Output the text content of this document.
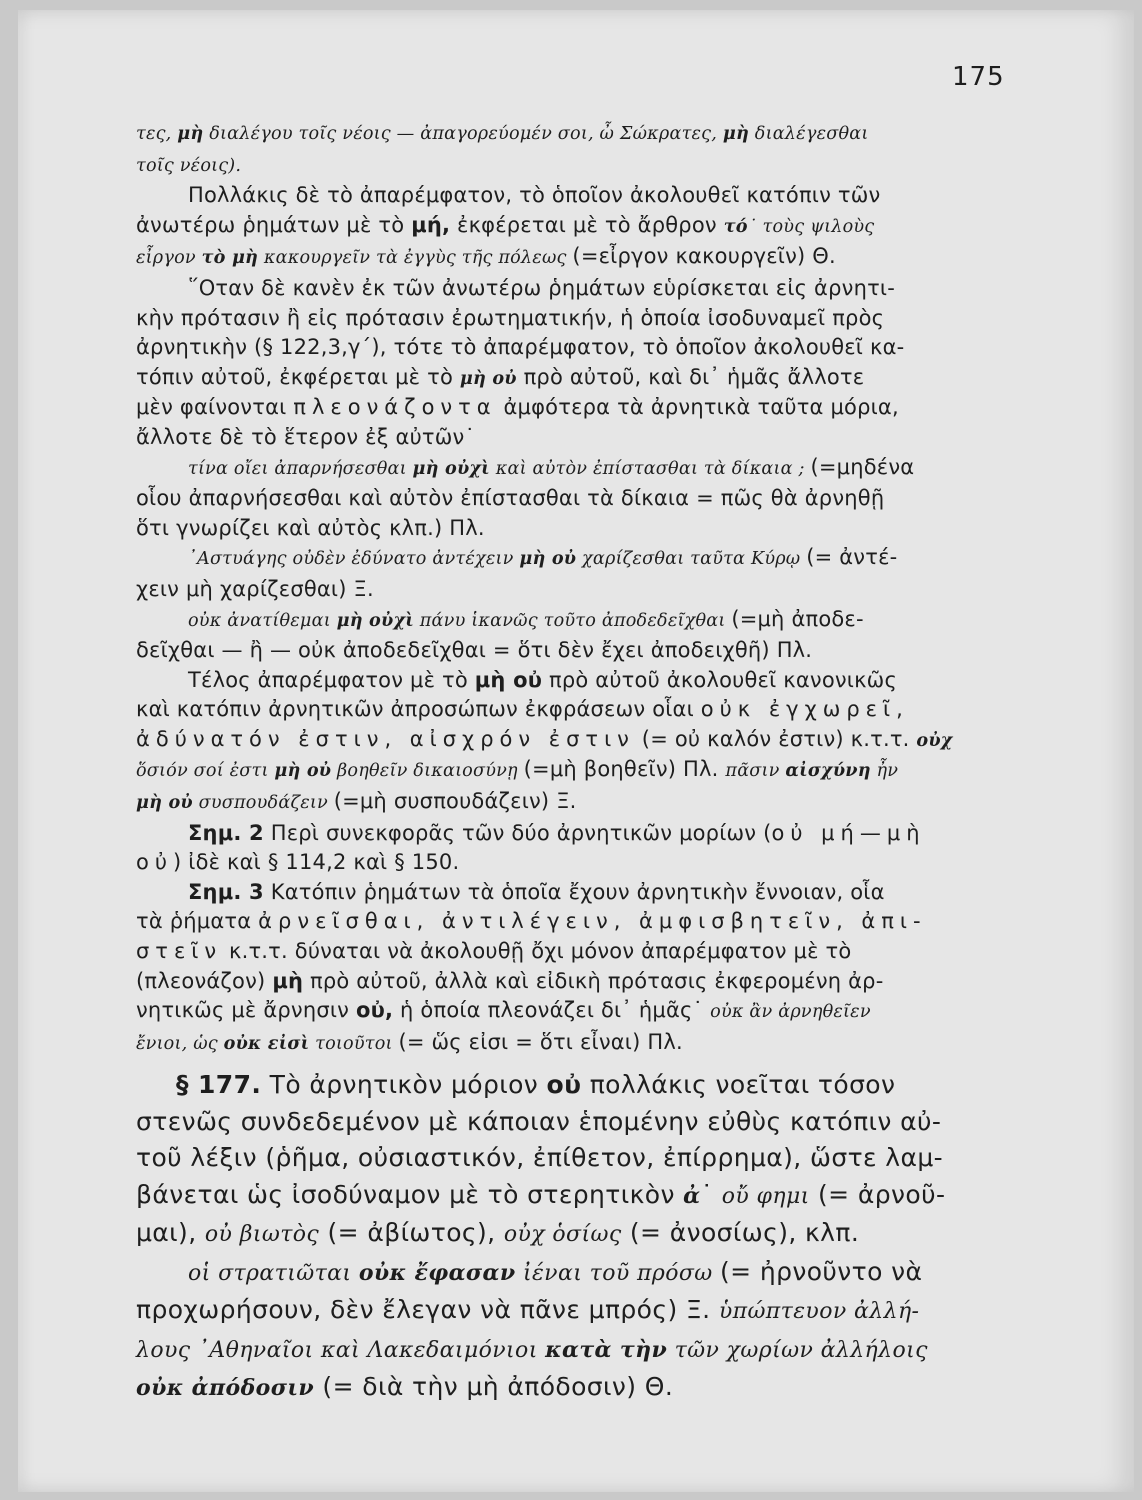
175
τες, μὴ διαλέγου τοῖς νέοις — ἀπαγορεύομέν σοι, ὦ Σώκρατες, μὴ διαλέγεσθαι
τοῖς νέοις).
Πολλάκις δὲ τὸ ἀπαρέμφατον, τὸ ὁποῖον ἀκολουθεῖ κατόπιν τῶν
ἀνωτέρω ῥημάτων μὲ τὸ μή, ἐκφέρεται μὲ τὸ ἄρθρον τό˙ τοὺς ψιλοὺς
εἶργον τὸ μὴ κακουργεῖν τὰ ἐγγὺς τῆς πόλεως (=εἶργον κακουργεῖν) Θ.
῞Οταν δὲ κανὲν ἐκ τῶν ἀνωτέρω ῥημάτων εὑρίσκεται εἰς ἀρνητι-
κὴν πρότασιν ἢ εἰς πρότασιν ἐρωτηματικήν, ἡ ὁποία ἰσοδυναμεῖ πρὸς
ἀρνητικὴν (§ 122,3,γ΄), τότε τὸ ἀπαρέμφατον, τὸ ὁποῖον ἀκολουθεῖ κα-
τόπιν αὐτοῦ, ἐκφέρεται μὲ τὸ μὴ οὐ πρὸ αὐτοῦ, καὶ δι᾽ ἡμᾶς ἄλλοτε
μὲν φαίνονται πλεονάζοντα ἀμφότερα τὰ ἀρνητικὰ ταῦτα μόρια,
ἄλλοτε δὲ τὸ ἕτερον ἐξ αὐτῶν˙
τίνα οἴει ἀπαρνήσεσθαι μὴ οὐχὶ καὶ αὐτὸν ἐπίστασθαι τὰ δίκαια ; (=μηδένα
οἷου ἀπαρνήσεσθαι καὶ αὐτὸν ἐπίστασθαι τὰ δίκαια = πῶς θὰ ἀρνηθῇ
ὅτι γνωρίζει καὶ αὐτὸς κλπ.) Πλ.
᾽Αστυάγης οὐδὲν ἐδύνατο ἀντέχειν μὴ οὐ χαρίζεσθαι ταῦτα Κύρῳ (= ἀντέ-
χειν μὴ χαρίζεσθαι) Ξ.
οὐκ ἀνατίθεμαι μὴ οὐχὶ πάνυ ἱκανῶς τοῦτο ἀποδεδεῖχθαι (=μὴ ἀποδε-
δεῖχθαι — ἢ — οὐκ ἀποδεδεῖχθαι = ὅτι δὲν ἔχει ἀποδειχθῆ) Πλ.
Τέλος ἀπαρέμφατον μὲ τὸ μὴ οὐ πρὸ αὐτοῦ ἀκολουθεῖ κανονικῶς
καὶ κατόπιν ἀρνητικῶν ἀπροσώπων ἐκφράσεων οἷαι οὐκ ἐγχωρεῖ,
ἀδύνατόν ἐστιν, αἰσχρόν ἐστιν (= οὐ καλόν ἐστιν) κ.τ.τ. οὐχ
ὅσιόν σοί ἐστι μὴ οὐ βοηθεῖν δικαιοσύνῃ (=μὴ βοηθεῖν) Πλ. πᾶσιν αἰσχύνη ἦν
μὴ οὐ συσπουδάζειν (=μὴ συσπουδάζειν) Ξ.
Σημ. 2 Περὶ συνεκφορᾶς τῶν δύο ἀρνητικῶν μορίων (οὐ μή—μὴ
οὐ) ἰδὲ καὶ § 114,2 καὶ § 150.
Σημ. 3 Κατόπιν ῥημάτων τὰ ὁποῖα ἔχουν ἀρνητικὴν ἔννοιαν, οἷα
τὰ ῥήματα ἀρνεῖσθαι, ἀντιλέγειν, ἀμφισβητεῖν, ἀπι-
στεῖν κ.τ.τ. δύναται νὰ ἀκολουθῇ ὄχι μόνον ἀπαρέμφατον μὲ τὸ
(πλεονάζον) μὴ πρὸ αὐτοῦ, ἀλλὰ καὶ εἰδικὴ πρότασις ἐκφερομένη ἀρ-
νητικῶς μὲ ἄρνησιν οὐ, ἡ ὁποία πλεονάζει δι᾽ ἡμᾶς˙ οὐκ ἂν ἀρνηθεῖεν
ἔνιοι, ὡς οὐκ εἰσὶ τοιοῦτοι (= ὥς εἰσι = ὅτι εἶναι) Πλ.
§ 177. Τὸ ἀρνητικὸν μόριον οὐ πολλάκις νοεῖται τόσον
στενῶς συνδεδεμένον μὲ κάποιαν ἑπομένην εὐθὺς κατόπιν αὐ-
τοῦ λέξιν (ῥῆμα, οὐσιαστικόν, ἐπίθετον, ἐπίρρημα), ὥστε λαμ-
βάνεται ὡς ἰσοδύναμον μὲ τὸ στερητικὸν ἀ˙ οὔ φημι (= ἀρνοῦ-
μαι), οὐ βιωτὸς (= ἀβίωτος), οὐχ ὁσίως (= ἀνοσίως), κλπ.
οἱ στρατιῶται οὐκ ἔφασαν ἰέναι τοῦ πρόσω (= ἠρνοῦντο νὰ
προχωρήσουν, δὲν ἔλεγαν νὰ πᾶνε μπρός) Ξ. ὑπώπτευον ἀλλή-
λους ᾽Αθηναῖοι καὶ Λακεδαιμόνιοι κατὰ τὴν τῶν χωρίων ἀλλήλοις
οὐκ ἀπόδοσιν (= διὰ τὴν μὴ ἀπόδοσιν) Θ.
